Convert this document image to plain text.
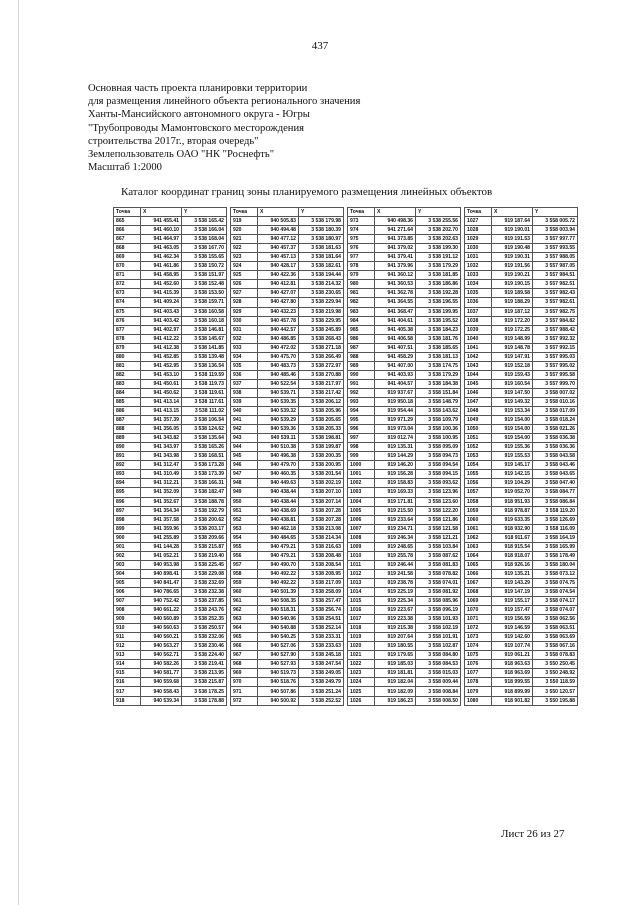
437
Основная часть проекта планировки территории
для размещения линейного объекта регионального значения
Ханты-Мансийского автономного округа - Югры
"Трубопроводы Мамонтовского месторождения
строительства 2017г., вторая очередь"
Землепользователь ОАО "НК "Роснефть"
Масштаб 1:2000
Каталог координат границ зоны планируемого размещения линейных объектов
Точка	X	Y
865	941 455.41	3 538 165.42
866	941 460.10	3 538 166.04
867	941 464.97	3 538 168.04
868	941 463.05	3 538 167.70
869	941 462.34	3 538 155.65
870	941 461.86	3 538 150.72
871	941 458.95	3 538 151.97
872	941 452.60	3 538 152.48
873	941 415.39	3 538 153.50
874	941 409.24	3 538 159.71
875	941 403.43	3 538 160.58
876	941 403.42	3 538 160.18
877	941 402.97	3 538 146.81
878	941 412.22	3 538 145.67
879	941 412.38	3 538 141.85
880	941 452.85	3 538 139.48
881	941 452.95	3 538 136.54
882	941 453.10	3 538 119.59
883	941 450.61	3 538 119.73
884	941 450.62	3 538 119.61
885	941 413.14	3 538 117.61
886	941 413.15	3 538 111.02
887	941 357.39	3 538 106.54
888	941 356.05	3 538 124.62
889	941 343.82	3 538 135.64
890	941 343.97	3 538 165.26
891	941 343.98	3 538 168.51
892	941 312.47	3 538 173.28
893	941 310.49	3 538 173.39
894	941 312.21	3 538 166.31
895	941 352.09	3 538 182.47
896	941 352.67	3 538 188.78
897	941 354.34	3 538 192.79
898	941 357.58	3 538 200.62
899	941 359.96	3 538 203.17
900	941 255.89	3 538 209.66
901	941 144.28	3 538 215.87
902	941 052.21	3 538 219.40
903	940 953.98	3 538 225.45
904	940 898.41	3 538 229.08
905	940 841.47	3 538 232.69
906	940 786.65	3 538 232.38
907	940 752.42	3 538 237.85
908	940 661.22	3 538 243.76
909	940 560.89	3 538 252.35
910	940 560.63	3 538 250.57
911	940 560.21	3 538 232.06
912	940 563.27	3 538 230.46
913	940 562.71	3 538 224.40
914	940 582.26	3 538 219.41
915	940 581.77	3 538 213.95
916	940 559.68	3 538 215.87
917	940 558.43	3 538 178.25
918	940 539.34	3 538 178.88
Точка	X	Y
919	940 505.83	3 538 179.98
920	940 494.48	3 538 180.39
921	940 477.12	3 538 180.97
922	940 457.37	3 538 181.63
923	940 457.13	3 538 181.64
924	940 428.17	3 538 182.61
925	940 422.36	3 538 194.44
926	940 412.81	3 538 214.32
927	940 427.07	3 538 230.65
928	940 427.80	3 538 229.94
929	940 432.23	3 538 219.98
930	940 457.78	3 538 229.95
931	940 442.57	3 538 245.89
932	940 486.85	3 538 268.43
933	940 472.02	3 538 271.18
934	940 475.70	3 538 266.49
935	940 483.73	3 538 272.97
936	940 485.46	3 538 270.88
937	940 522.54	3 538 217.97
938	940 539.71	3 538 217.42
939	940 539.35	3 538 206.12
940	940 539.32	3 538 205.96
941	940 539.29	3 538 205.65
942	940 539.36	3 538 205.33
943	940 539.11	3 538 198.81
944	940 510.38	3 538 199.87
945	940 496.38	3 538 200.35
946	940 479.70	3 538 200.95
947	940 460.35	3 538 201.54
948	940 449.63	3 538 202.19
949	940 438.44	3 538 207.10
950	940 438.44	3 538 207.14
951	940 438.69	3 538 207.28
952	940 438.81	3 538 207.28
953	940 462.18	3 538 213.08
954	940 484.65	3 538 214.34
955	940 479.21	3 538 216.63
956	940 479.21	3 538 208.48
957	940 490.70	3 538 208.54
958	940 492.22	3 538 208.95
959	940 492.22	3 538 217.09
960	940 501.39	3 538 258.09
961	940 508.35	3 538 257.47
962	940 518.31	3 538 256.74
963	940 540.96	3 538 254.51
964	940 540.88	3 538 252.14
965	940 540.25	3 538 233.31
966	940 527.06	3 538 233.63
967	940 527.90	3 538 245.18
968	940 527.93	3 538 247.54
969	940 519.73	3 538 249.05
970	940 518.76	3 538 249.79
971	940 507.86	3 538 251.24
972	940 500.92	3 538 252.52
Точка	X	Y
973	940 498.36	3 538 255.56
974	941 271.64	3 538 202.70
975	941 373.85	3 538 202.63
976	941 379.02	3 538 199.30
977	941 379.41	3 538 191.12
978	941 379.96	3 538 179.29
979	941 360.12	3 538 181.85
980	941 360.53	3 538 186.86
981	941 362.78	3 538 192.28
982	941 364.55	3 538 196.55
983	941 368.47	3 538 199.95
984	941 404.61	3 538 195.52
985	941 405.38	3 538 184.23
986	941 406.58	3 538 181.76
987	941 407.51	3 538 185.65
988	941 458.29	3 538 181.13
989	941 407.00	3 538 174.75
990	941 403.93	3 538 179.29
991	941 404.57	3 538 184.38
992	919 937.67	3 558 151.84
993	919 950.18	3 558 148.79
994	919 954.44	3 558 143.62
995	919 971.29	3 558 109.79
996	919 973.04	3 558 100.36
997	919 012.74	3 558 100.95
998	919 135.31	3 558 095.09
999	919 144.29	3 558 094.73
1000	919 146.20	3 558 094.54
1001	919 156.28	3 558 094.15
1002	919 158.83	3 558 093.62
1003	919 169.33	3 558 123.96
1004	919 171.81	3 558 123.60
1005	919 215.50	3 558 122.20
1006	919 233.64	3 558 121.86
1007	919 234.71	3 558 121.58
1008	919 246.34	3 558 121.21
1009	919 248.65	3 558 103.84
1010	919 255.78	3 558 087.62
1011	919 246.44	3 558 081.83
1012	919 241.58	3 558 078.82
1013	919 238.78	3 558 074.01
1014	919 225.19	3 558 081.92
1015	919 225.34	3 558 085.96
1016	919 223.67	3 558 096.19
1017	919 223.38	3 558 101.93
1018	919 215.38	3 558 102.19
1019	919 207.64	3 558 101.91
1020	919 180.55	3 558 102.87
1021	919 179.65	3 558 084.80
1022	919 185.03	3 558 084.53
1023	919 181.81	3 558 015.03
1024	919 182.04	3 558 009.44
1025	919 182.09	3 558 008.84
1026	919 186.23	3 558 008.50
Точка	X	Y
1027	919 187.64	3 558 005.72
1028	919 190.01	3 558 003.94
1029	919 191.53	3 557 997.77
1030	919 190.48	3 557 993.55
1031	919 190.31	3 557 988.05
1032	919 191.56	3 557 987.05
1033	919 190.21	3 557 984.51
1034	919 190.15	3 557 982.51
1035	919 189.58	3 557 982.43
1036	919 188.29	3 557 982.61
1037	919 187.12	3 557 982.75
1038	919 172.20	3 557 984.82
1039	919 172.25	3 557 988.42
1040	919 148.99	3 557 992.32
1041	919 148.78	3 557 992.15
1042	919 147.91	3 557 995.03
1043	919 152.18	3 557 995.02
1044	919 159.43	3 557 995.58
1045	919 160.54	3 557 999.70
1046	919 147.50	3 558 007.02
1047	919 149.32	3 558 010.16
1048	919 153.34	3 558 017.09
1049	919 154.00	3 558 018.24
1050	919 154.00	3 558 021.26
1051	919 154.00	3 558 036.38
1052	919 155.36	3 558 036.36
1053	919 155.53	3 558 043.58
1054	919 145.17	3 558 043.46
1055	919 142.15	3 558 043.65
1056	919 104.29	3 558 047.40
1057	919 052.70	3 558 084.77
1058	918 951.93	3 558 086.84
1059	918 978.87	3 558 119.20
1060	919 633.35	3 558 126.69
1061	918 932.90	3 558 116.09
1062	918 911.67	3 558 164.19
1063	918 915.54	3 558 165.99
1064	918 918.07	3 558 178.49
1065	918 926.16	3 558 180.04
1066	919 135.21	3 558 073.12
1067	919 143.29	3 558 074.75
1068	919 147.19	3 558 074.54
1069	919 155.17	3 558 074.17
1070	919 157.47	3 558 074.07
1071	919 156.59	3 558 062.56
1072	919 146.59	3 558 063.51
1073	919 142.60	3 558 063.69
1074	919 107.74	3 558 067.16
1075	919 061.21	3 558 078.83
1076	918 963.63	3 550 250.45
1077	918 963.69	3 550 248.92
1078	918 999.55	3 550 118.59
1079	918 899.99	3 550 120.57
1080	918 901.82	3 550 195.88
Лист 26 из 27
